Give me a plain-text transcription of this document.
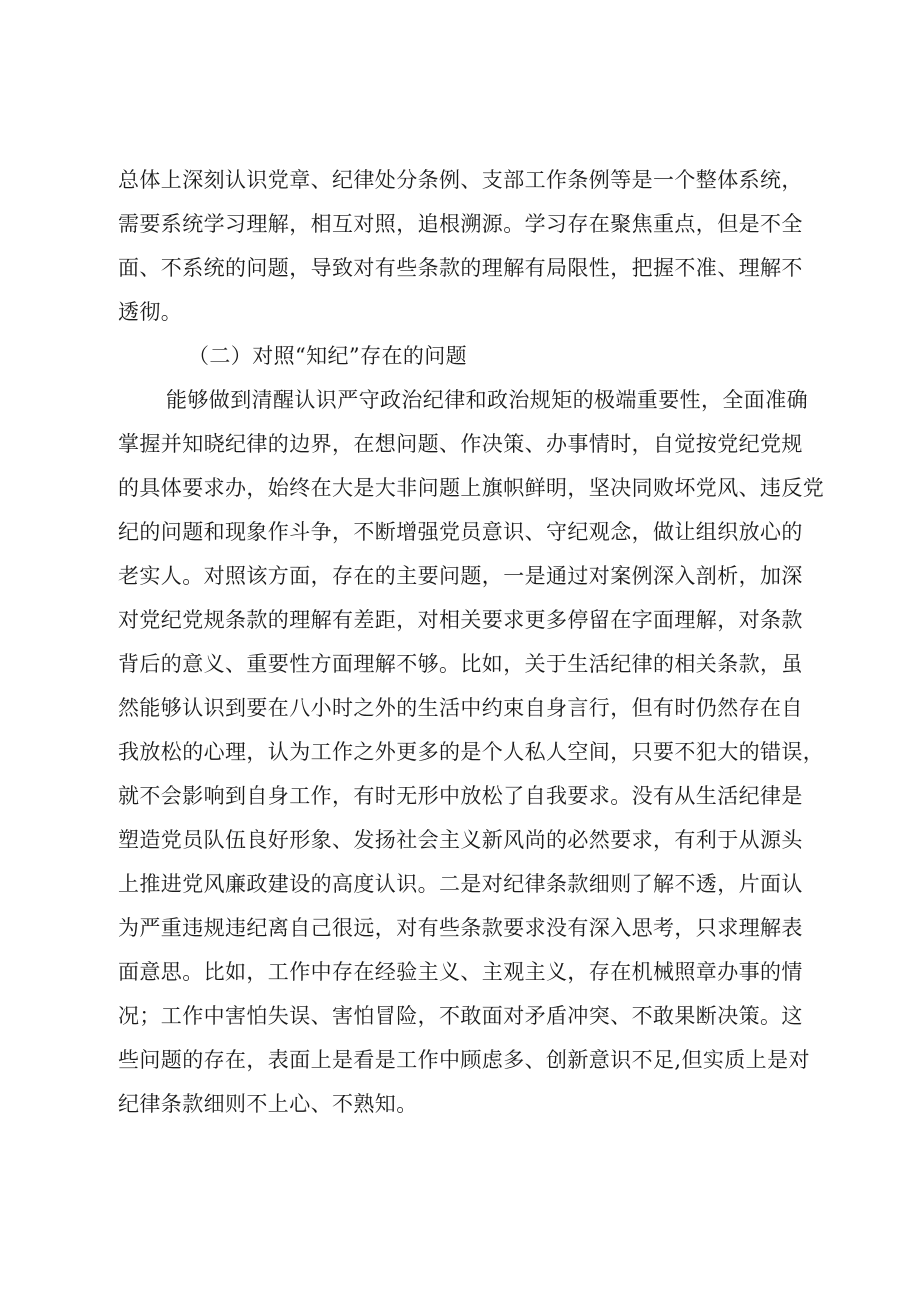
总体上深刻认识党章、纪律处分条例、支部工作条例等是一个整体系统，
需要系统学习理解，相互对照，追根溯源。学习存在聚焦重点，但是不全
面、不系统的问题，导致对有些条款的理解有局限性，把握不准、理解不
透彻。
（二）对照“知纪”存在的问题
能够做到清醒认识严守政治纪律和政治规矩的极端重要性，全面准确
掌握并知晓纪律的边界，在想问题、作决策、办事情时，自觉按党纪党规
的具体要求办，始终在大是大非问题上旗帜鲜明，坚决同败坏党风、违反党
纪的问题和现象作斗争，不断增强党员意识、守纪观念，做让组织放心的
老实人。对照该方面，存在的主要问题，一是通过对案例深入剖析，加深
对党纪党规条款的理解有差距，对相关要求更多停留在字面理解，对条款
背后的意义、重要性方面理解不够。比如，关于生活纪律的相关条款，虽
然能够认识到要在八小时之外的生活中约束自身言行，但有时仍然存在自
我放松的心理，认为工作之外更多的是个人私人空间，只要不犯大的错误，
就不会影响到自身工作，有时无形中放松了自我要求。没有从生活纪律是
塑造党员队伍良好形象、发扬社会主义新风尚的必然要求，有利于从源头
上推进党风廉政建设的高度认识。二是对纪律条款细则了解不透，片面认
为严重违规违纪离自己很远，对有些条款要求没有深入思考，只求理解表
面意思。比如，工作中存在经验主义、主观主义，存在机械照章办事的情
况；工作中害怕失误、害怕冒险，不敢面对矛盾冲突、不敢果断决策。这
些问题的存在，表面上是看是工作中顾虑多、创新意识不足,但实质上是对
纪律条款细则不上心、不熟知。
